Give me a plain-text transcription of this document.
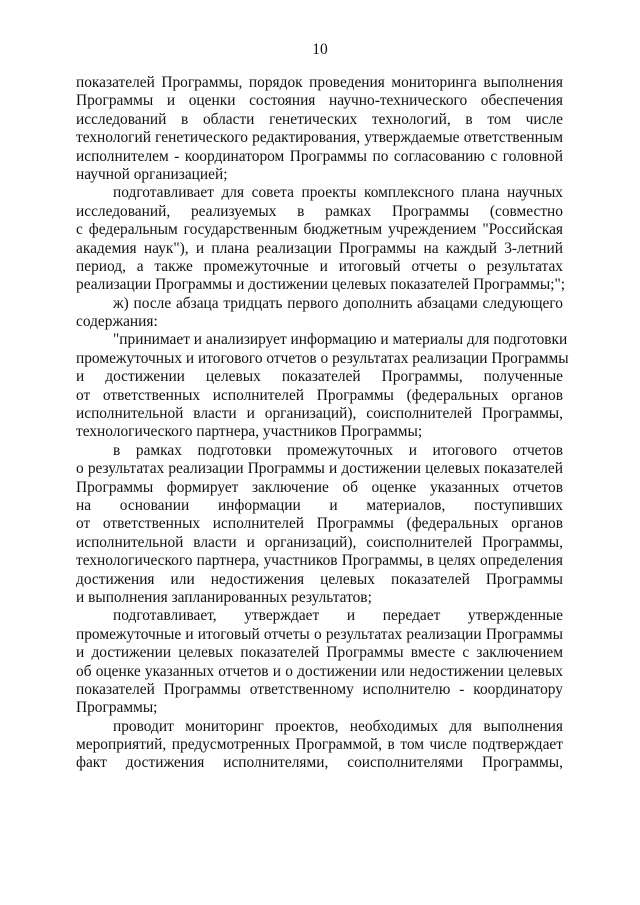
10
показателей Программы, порядок проведения мониторинга выполнения
Программы и оценки состояния научно-технического обеспечения
исследований в области генетических технологий, в том числе
технологий генетического редактирования, утверждаемые ответственным
исполнителем - координатором Программы по согласованию с головной
научной организацией;
подготавливает для совета проекты комплексного плана научных
исследований, реализуемых в рамках Программы (совместно
с федеральным государственным бюджетным учреждением "Российская
академия наук"), и плана реализации Программы на каждый 3-летний
период, а также промежуточные и итоговый отчеты о результатах
реализации Программы и достижении целевых показателей Программы;";
ж) после абзаца тридцать первого дополнить абзацами следующего
содержания:
"принимает и анализирует информацию и материалы для подготовки
промежуточных и итогового отчетов о результатах реализации Программы
и достижении целевых показателей Программы, полученные
от ответственных исполнителей Программы (федеральных органов
исполнительной власти и организаций), соисполнителей Программы,
технологического партнера, участников Программы;
в рамках подготовки промежуточных и итогового отчетов
о результатах реализации Программы и достижении целевых показателей
Программы формирует заключение об оценке указанных отчетов
на основании информации и материалов, поступивших
от ответственных исполнителей Программы (федеральных органов
исполнительной власти и организаций), соисполнителей Программы,
технологического партнера, участников Программы, в целях определения
достижения или недостижения целевых показателей Программы
и выполнения запланированных результатов;
подготавливает, утверждает и передает утвержденные
промежуточные и итоговый отчеты о результатах реализации Программы
и достижении целевых показателей Программы вместе с заключением
об оценке указанных отчетов и о достижении или недостижении целевых
показателей Программы ответственному исполнителю - координатору
Программы;
проводит мониторинг проектов, необходимых для выполнения
мероприятий, предусмотренных Программой, в том числе подтверждает
факт достижения исполнителями, соисполнителями Программы,
